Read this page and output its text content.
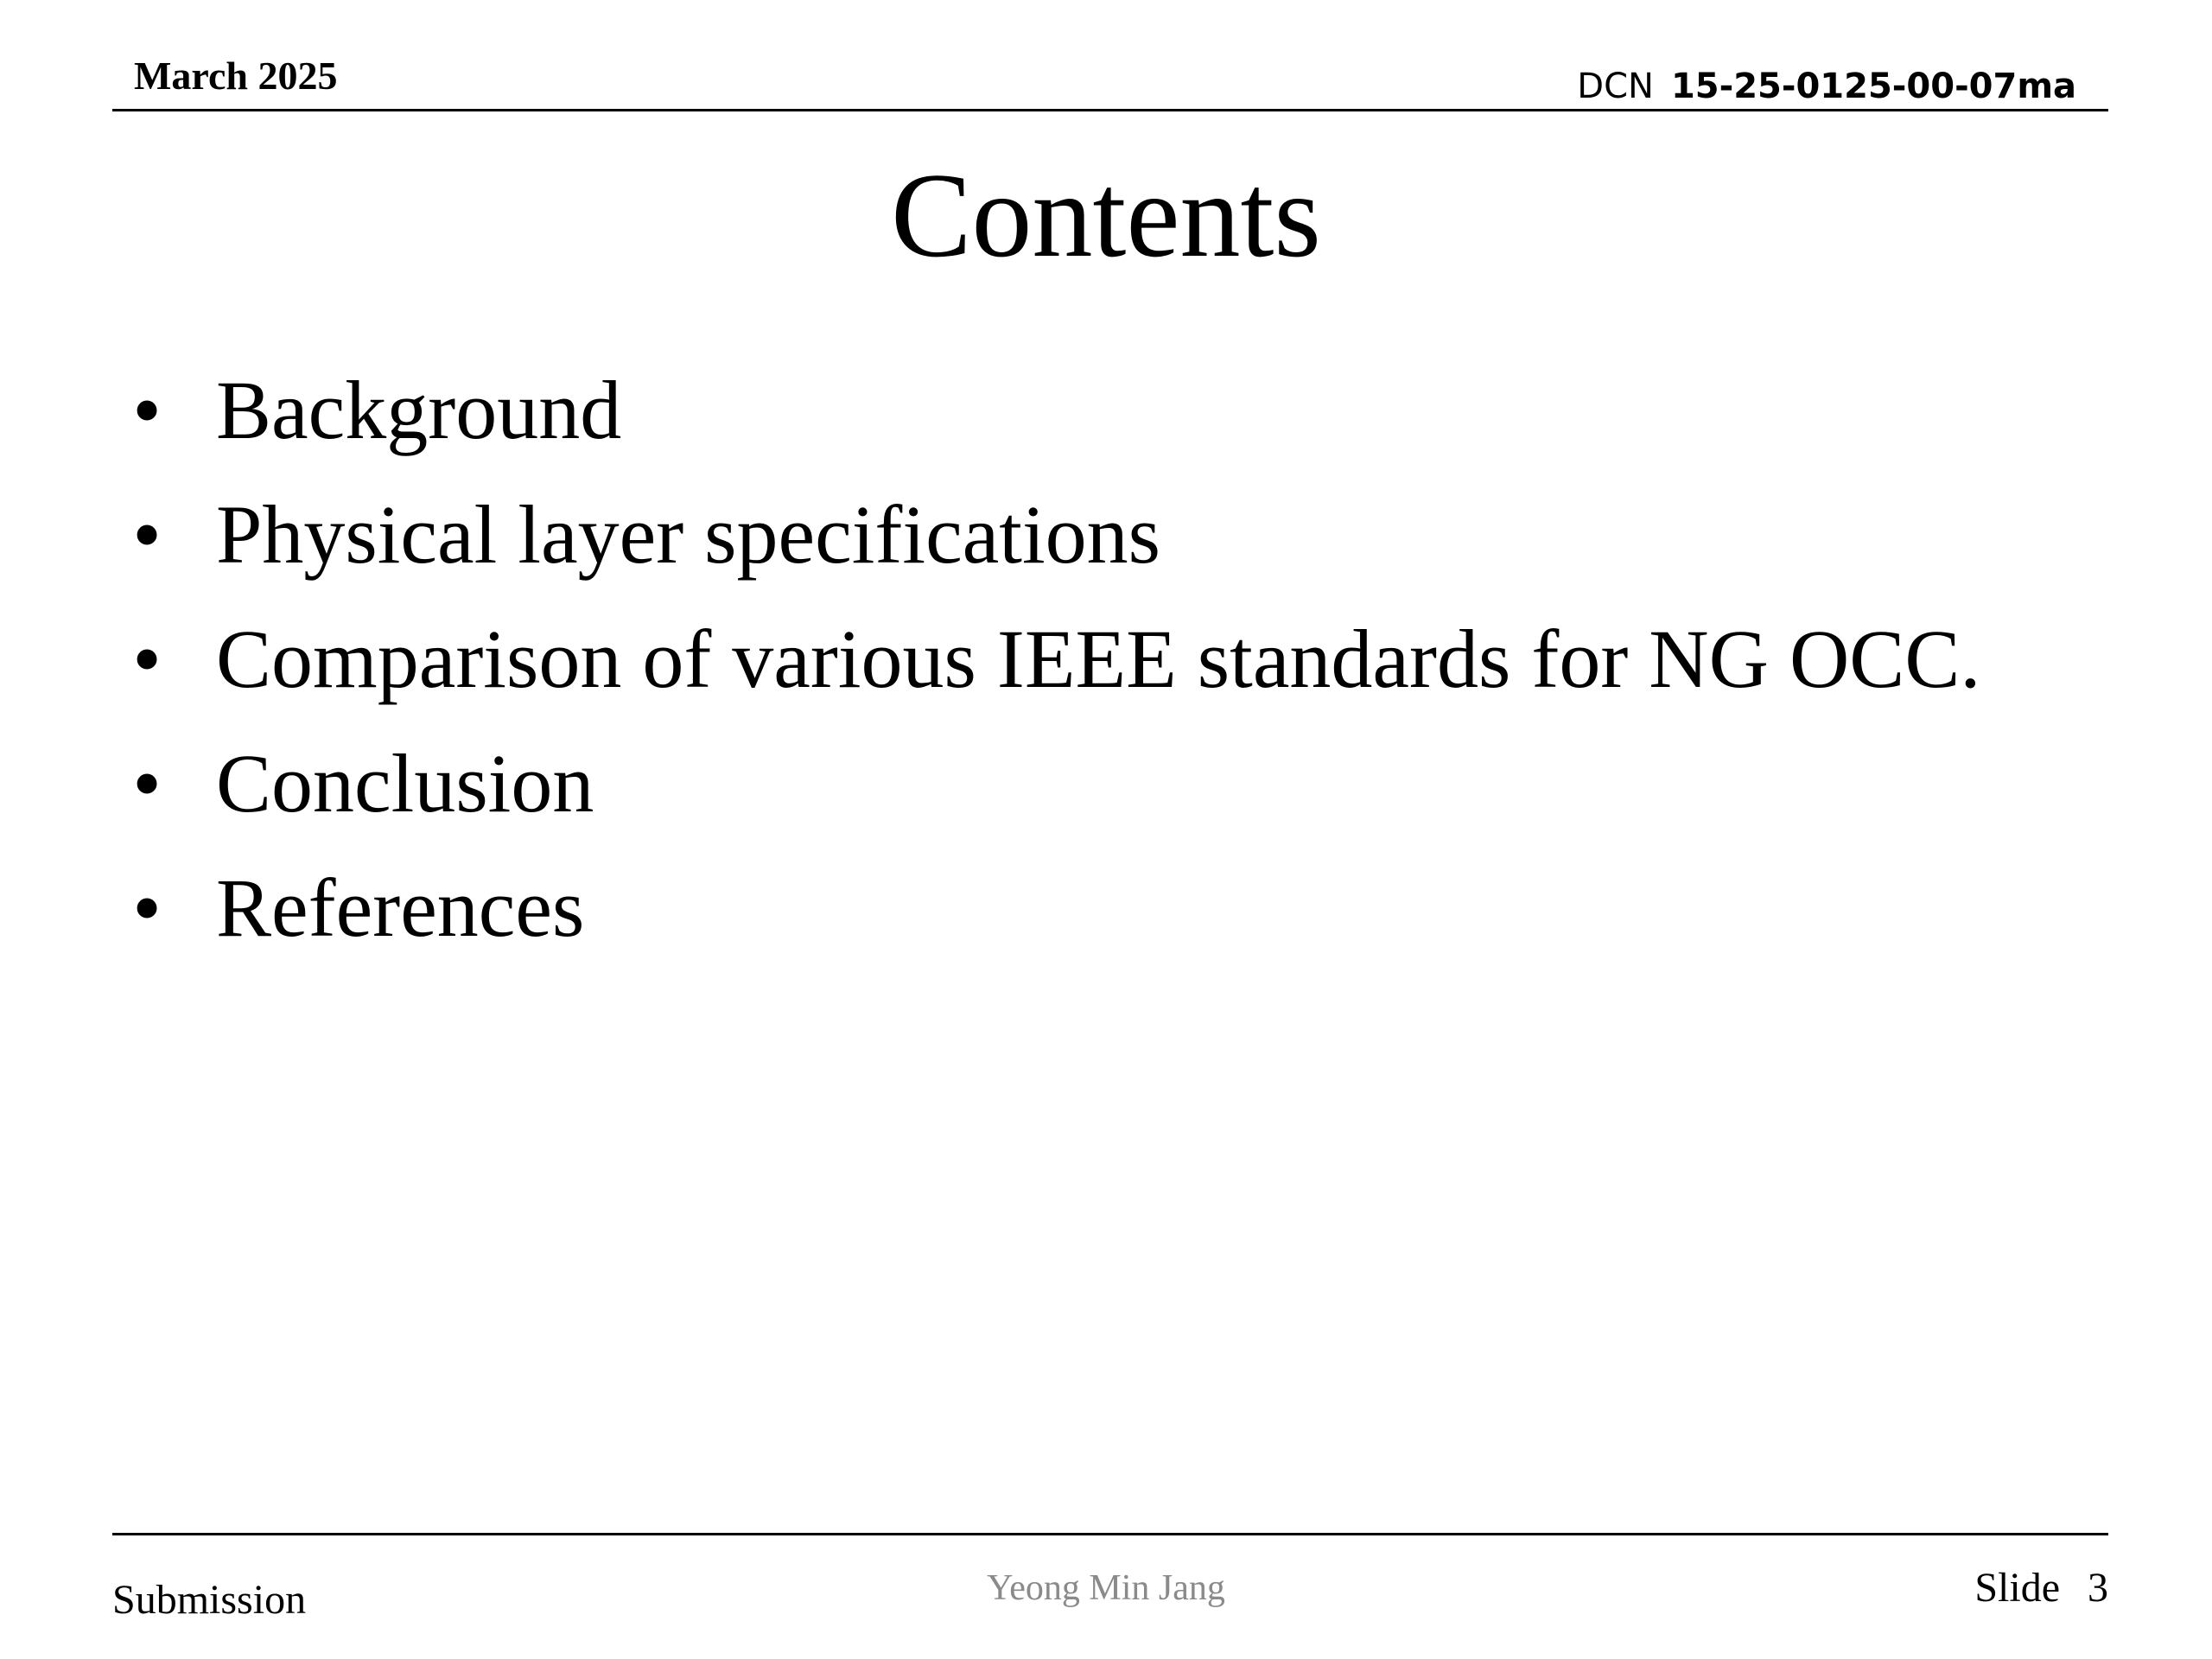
March 2025	DCN 15-25-0125-00-07ma
Contents
• Background
• Physical layer specifications
• Comparison of various IEEE standards for NG OCC.
• Conclusion
• References
Submission	Yeong Min Jang	Slide 3
